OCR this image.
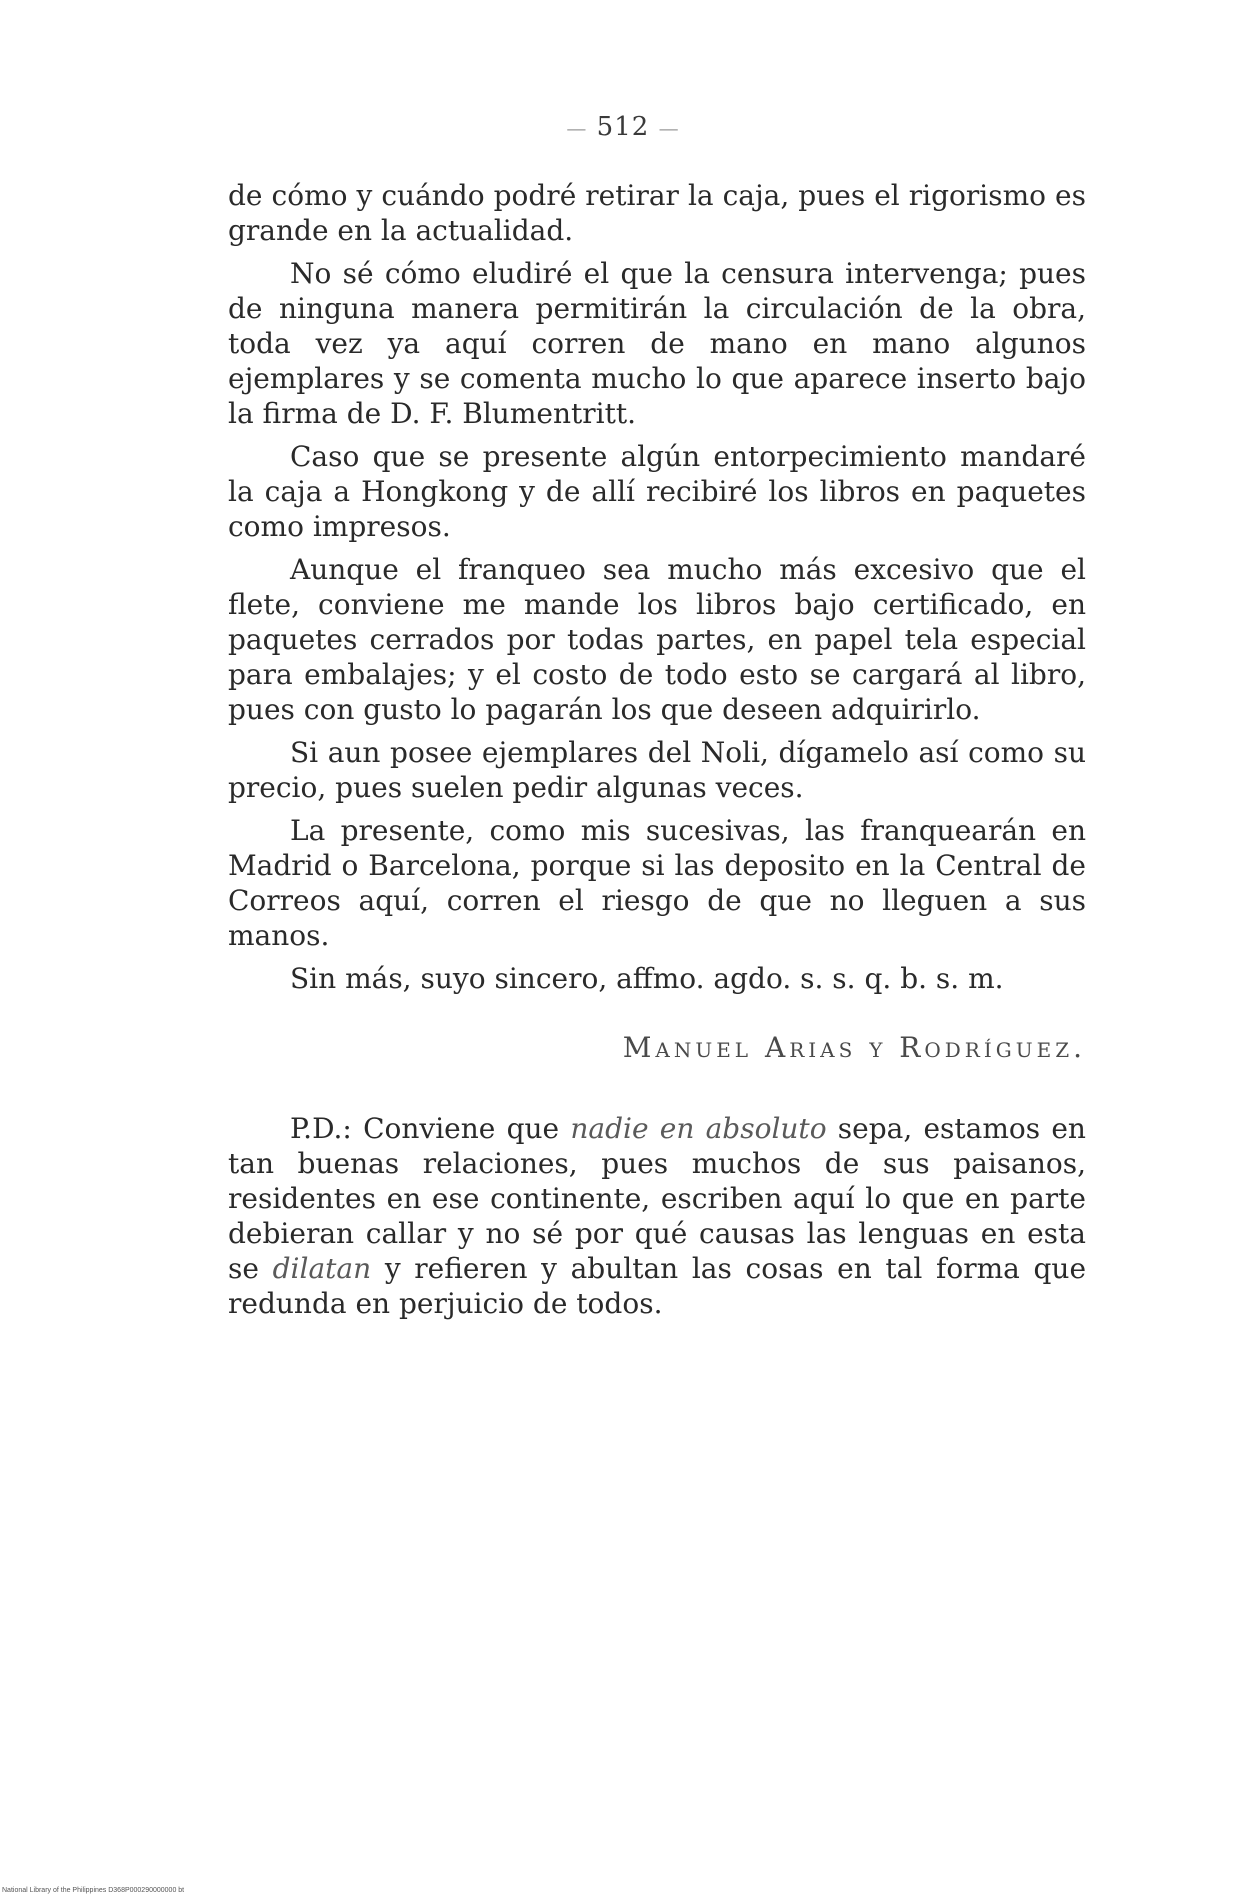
— 512 —

de cómo y cuándo podré retirar la caja, pues el rigorismo es grande en la actualidad.

No sé cómo eludiré el que la censura intervenga; pues de ninguna manera permitirán la circulación de la obra, toda vez ya aquí corren de mano en mano algunos ejemplares y se comenta mucho lo que aparece inserto bajo la firma de D. F. Blumentritt.

Caso que se presente algún entorpecimiento mandaré la caja a Hongkong y de allí recibiré los libros en paquetes como impresos.

Aunque el franqueo sea mucho más excesivo que el flete, conviene me mande los libros bajo certificado, en paquetes cerrados por todas partes, en papel tela especial para embalajes; y el costo de todo esto se cargará al libro, pues con gusto lo pagarán los que deseen adquirirlo.

Si aun posee ejemplares del Noli, dígamelo así como su precio, pues suelen pedir algunas veces.

La presente, como mis sucesivas, las franquearán en Madrid o Barcelona, porque si las deposito en la Central de Correos aquí, corren el riesgo de que no lleguen a sus manos.

Sin más, suyo sincero, affmo. agdo. s. s. q. b. s. m.

Manuel Arias y Rodríguez.

P.D.: Conviene que nadie en absoluto sepa, estamos en tan buenas relaciones, pues muchos de sus paisanos, residentes en ese continente, escriben aquí lo que en parte debieran callar y no sé por qué causas las lenguas en esta se dilatan y refieren y abultan las cosas en tal forma que redunda en perjuicio de todos.

National Library of the Philippines D368P000290000000 bt
